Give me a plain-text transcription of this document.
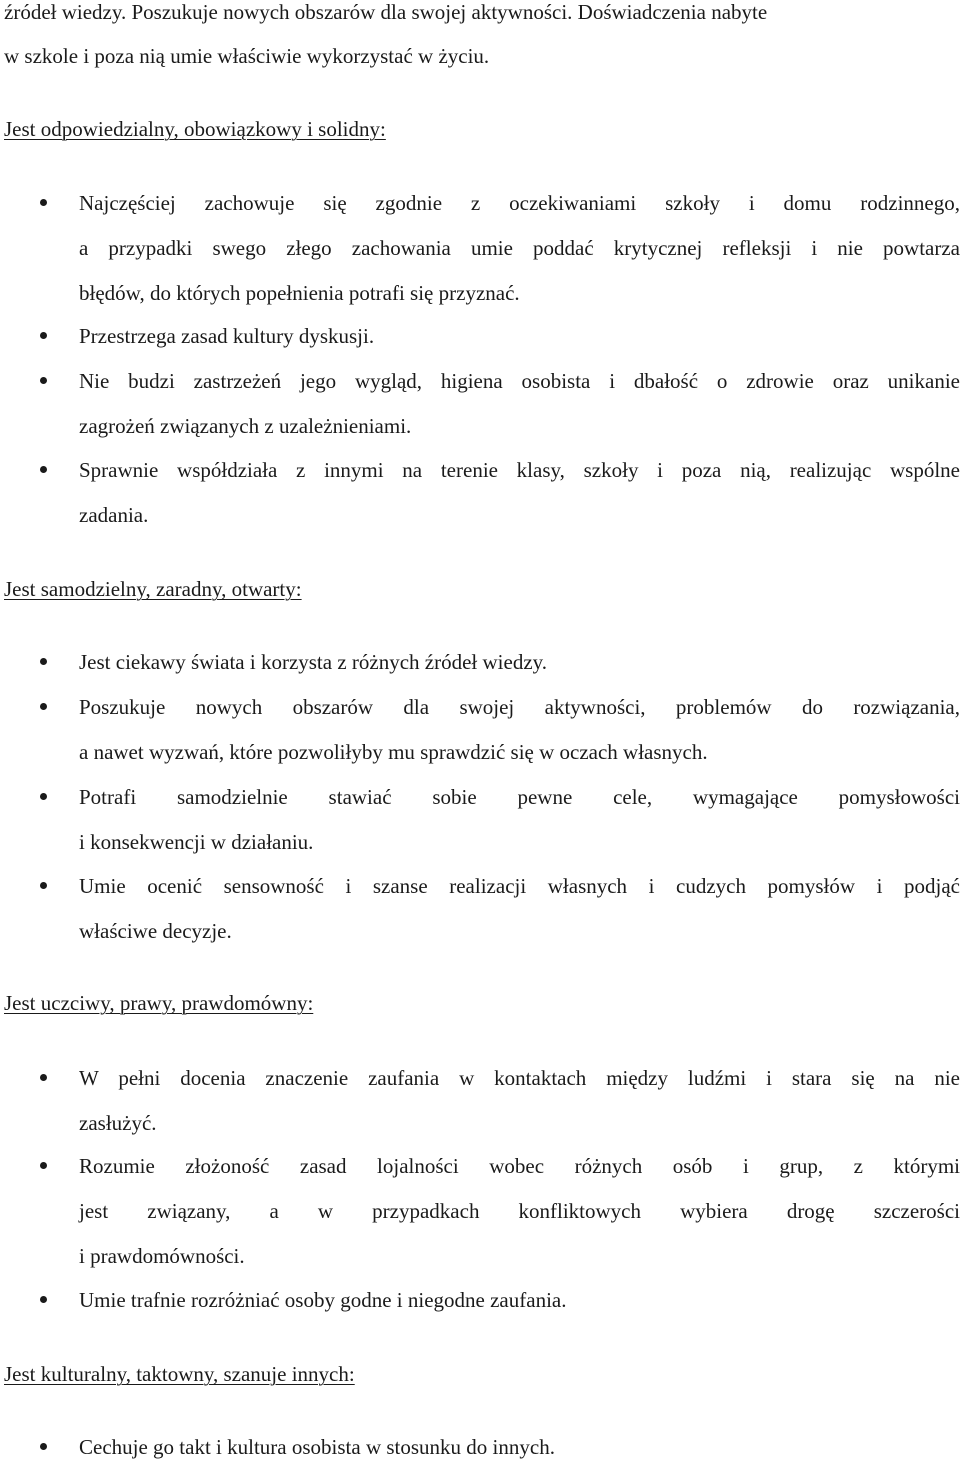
źródeł wiedzy. Poszukuje nowych obszarów dla swojej aktywności. Doświadczenia nabyte
w szkole i poza nią umie właściwie wykorzystać w życiu.
Jest odpowiedzialny, obowiązkowy i solidny:
Najczęściej zachowuje się zgodnie z oczekiwaniami szkoły i domu rodzinnego,
a przypadki swego złego zachowania umie poddać krytycznej refleksji i nie powtarza
błędów, do których popełnienia potrafi się przyznać.
Przestrzega zasad kultury dyskusji.
Nie budzi zastrzeżeń jego wygląd, higiena osobista i dbałość o zdrowie oraz unikanie
zagrożeń związanych z uzależnieniami.
Sprawnie współdziała z innymi na terenie klasy, szkoły i poza nią, realizując wspólne
zadania.
Jest samodzielny, zaradny, otwarty:
Jest ciekawy świata i korzysta z różnych źródeł wiedzy.
Poszukuje nowych obszarów dla swojej aktywności, problemów do rozwiązania,
a nawet wyzwań, które pozwoliłyby mu sprawdzić się w oczach własnych.
Potrafi samodzielnie stawiać sobie pewne cele, wymagające pomysłowości
i konsekwencji w działaniu.
Umie ocenić sensowność i szanse realizacji własnych i cudzych pomysłów i podjąć
właściwe decyzje.
Jest uczciwy, prawy, prawdomówny:
W pełni docenia znaczenie zaufania w kontaktach między ludźmi i stara się na nie
zasłużyć.
Rozumie złożoność zasad lojalności wobec różnych osób i grup, z którymi
jest związany, a w przypadkach konfliktowych wybiera drogę szczerości
i prawdomówności.
Umie trafnie rozróżniać osoby godne i niegodne zaufania.
Jest kulturalny, taktowny, szanuje innych:
Cechuje go takt i kultura osobista w stosunku do innych.
